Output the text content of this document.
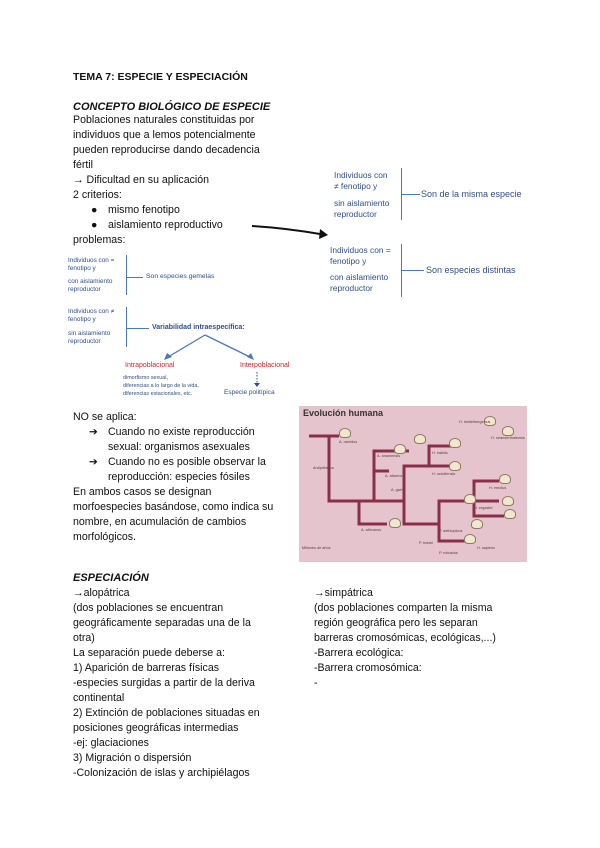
TEMA 7: ESPECIE Y ESPECIACIÓN
CONCEPTO BIOLÓGICO DE ESPECIE
Poblaciones naturales constituidas por
individuos que a lemos potencialmente
pueden reproducirse dando decadencia
fértil
→ Dificultad en su aplicación
2 criterios:
● mismo fenotipo
● aislamiento reproductivo
problemas:
Individuos con
≠ fenotipo y
sin aislamiento
reproductor
Son de la misma especie
Individuos con =
fenotipo y
con aislamiento
reproductor
Son especies distintas
Individuos con =
fenotipo y
con aislamiento
reproductor
Son especies gemelas
Individuos con ≠
fenotipo y
sin aislamiento
reproductor
Variabilidad intraespecífica:
Intrapoblacional
dimorfismo sexual,
diferencias a lo largo de la vida,
diferencias estacionales, etc.
Interpoblacional
Especie politípica
NO se aplica:
➔ Cuando no existe reproducción
sexual: organismos asexuales
➔ Cuando no es posible observar la
reproducción: especies fósiles
En ambos casos se designan
morfoespecies basándose, como indica su
nombre, en acumulación de cambios
morfológicos.
Evolución humana
A. ramidus
A. anamensis
A. afarensis
A. garhi
A. africanus
H. habilis
H. rudolfensis
H. ergaster
H. erectus
H. heidelbergensis
H. neanderthalensis
H. sapiens
P. aethiopicus
P. boisei
P. robustus
Ardipithecus
Millones de años
ESPECIACIÓN
→alopátrica
(dos poblaciones se encuentran
geográficamente separadas una de la
otra)
La separación puede deberse a:
1) Aparición de barreras físicas
-especies surgidas a partir de la deriva
continental
2) Extinción de poblaciones situadas en
posiciones geográficas intermedias
-ej: glaciaciones
3) Migración o dispersión
-Colonización de islas y archipiélagos
→simpátrica
(dos poblaciones comparten la misma
región geográfica pero les separan
barreras cromosómicas, ecológicas,...)
-Barrera ecológica:
-Barrera cromosómica:
-
